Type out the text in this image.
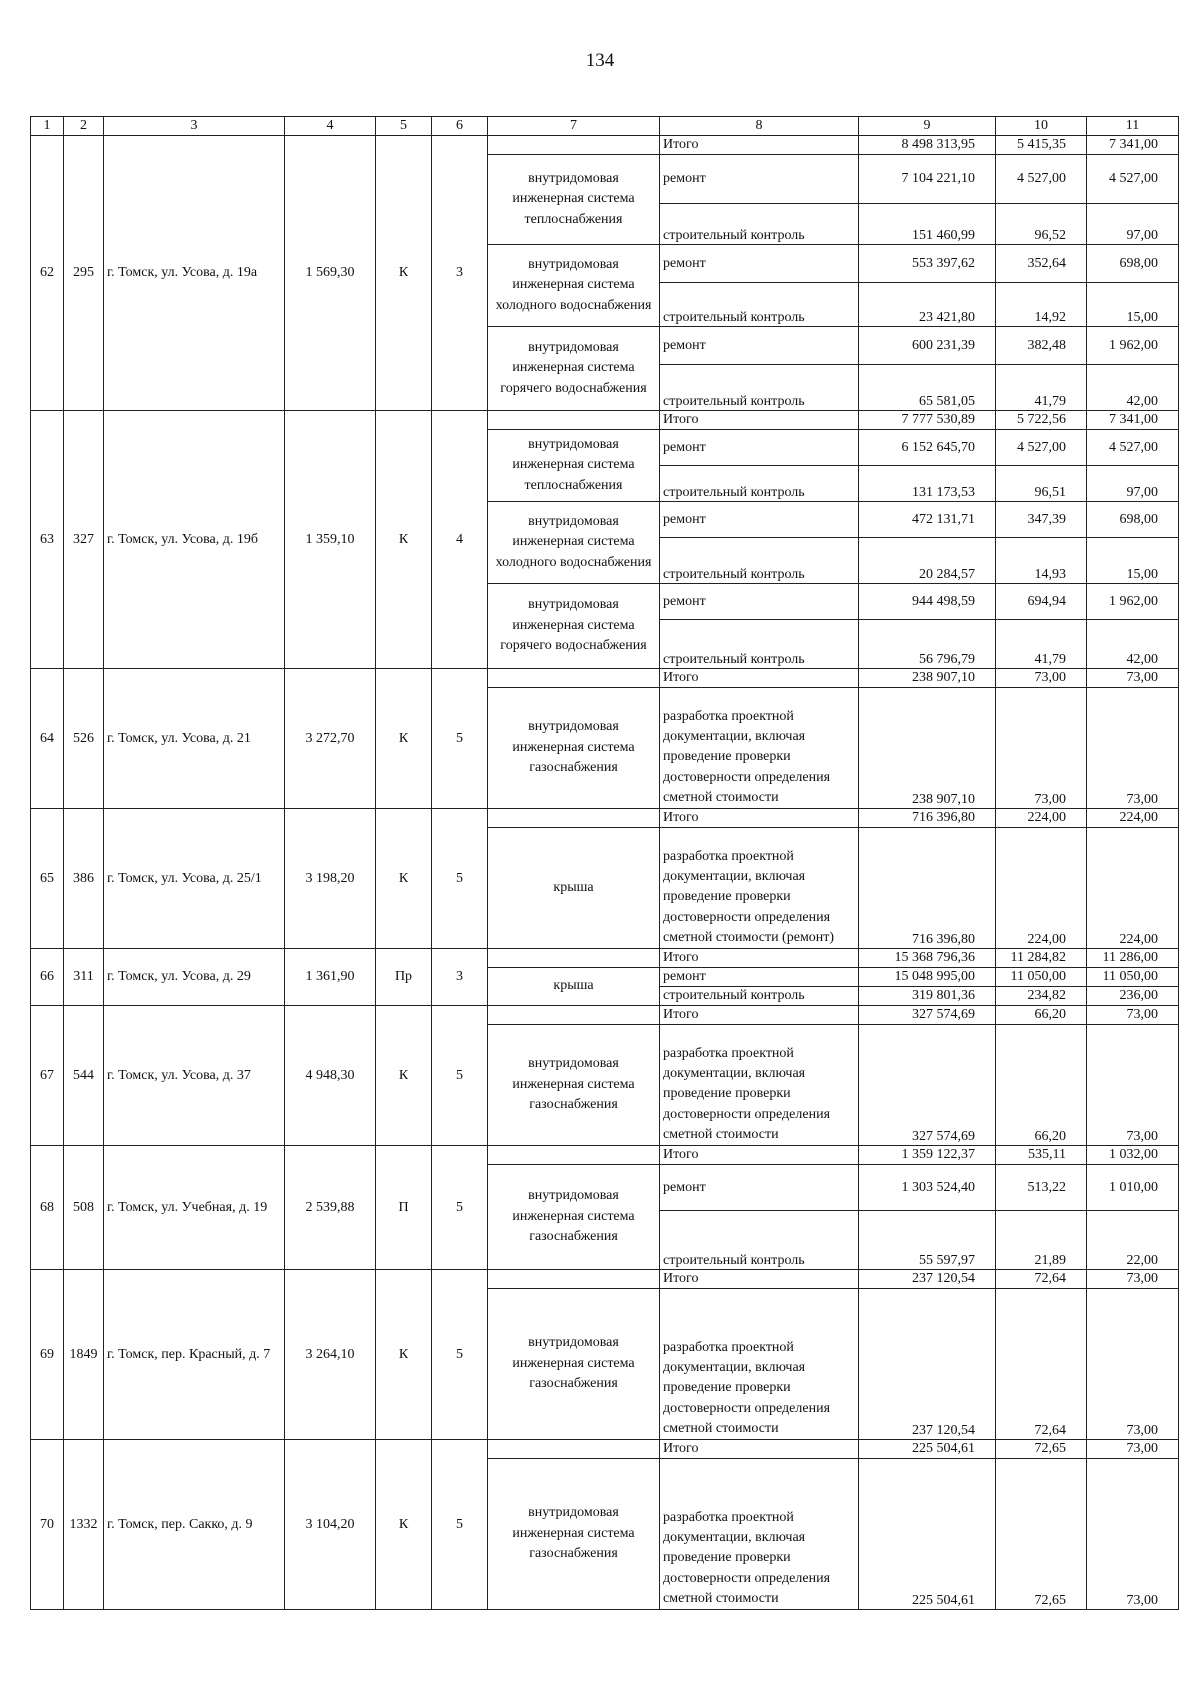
134
1	2	3	4	5	6	7	8	9	10	11
62	295	г. Томск, ул. Усова, д. 19а	1 569,30	К	3		Итого	8 498 313,95	5 415,35	7 341,00
						внутридомовая инженерная система теплоснабжения	ремонт	7 104 221,10	4 527,00	4 527,00
							строительный контроль	151 460,99	96,52	97,00
						внутридомовая инженерная система холодного водоснабжения	ремонт	553 397,62	352,64	698,00
							строительный контроль	23 421,80	14,92	15,00
						внутридомовая инженерная система горячего водоснабжения	ремонт	600 231,39	382,48	1 962,00
							строительный контроль	65 581,05	41,79	42,00
63	327	г. Томск, ул. Усова, д. 19б	1 359,10	К	4		Итого	7 777 530,89	5 722,56	7 341,00
						внутридомовая инженерная система теплоснабжения	ремонт	6 152 645,70	4 527,00	4 527,00
							строительный контроль	131 173,53	96,51	97,00
						внутридомовая инженерная система холодного водоснабжения	ремонт	472 131,71	347,39	698,00
							строительный контроль	20 284,57	14,93	15,00
						внутридомовая инженерная система горячего водоснабжения	ремонт	944 498,59	694,94	1 962,00
							строительный контроль	56 796,79	41,79	42,00
64	526	г. Томск, ул. Усова, д. 21	3 272,70	К	5		Итого	238 907,10	73,00	73,00
						внутридомовая инженерная система газоснабжения	разработка проектной документации, включая проведение проверки достоверности определения сметной стоимости	238 907,10	73,00	73,00
65	386	г. Томск, ул. Усова, д. 25/1	3 198,20	К	5		Итого	716 396,80	224,00	224,00
						крыша	разработка проектной документации, включая проведение проверки достоверности определения сметной стоимости (ремонт)	716 396,80	224,00	224,00
66	311	г. Томск, ул. Усова, д. 29	1 361,90	Пр	3		Итого	15 368 796,36	11 284,82	11 286,00
						крыша	ремонт	15 048 995,00	11 050,00	11 050,00
							строительный контроль	319 801,36	234,82	236,00
67	544	г. Томск, ул. Усова, д. 37	4 948,30	К	5		Итого	327 574,69	66,20	73,00
						внутридомовая инженерная система газоснабжения	разработка проектной документации, включая проведение проверки достоверности определения сметной стоимости	327 574,69	66,20	73,00
68	508	г. Томск, ул. Учебная, д. 19	2 539,88	П	5		Итого	1 359 122,37	535,11	1 032,00
						внутридомовая инженерная система газоснабжения	ремонт	1 303 524,40	513,22	1 010,00
							строительный контроль	55 597,97	21,89	22,00
69	1849	г. Томск, пер. Красный, д. 7	3 264,10	К	5		Итого	237 120,54	72,64	73,00
						внутридомовая инженерная система газоснабжения	разработка проектной документации, включая проведение проверки достоверности определения сметной стоимости	237 120,54	72,64	73,00
70	1332	г. Томск, пер. Сакко, д. 9	3 104,20	К	5		Итого	225 504,61	72,65	73,00
						внутридомовая инженерная система газоснабжения	разработка проектной документации, включая проведение проверки достоверности определения сметной стоимости	225 504,61	72,65	73,00
